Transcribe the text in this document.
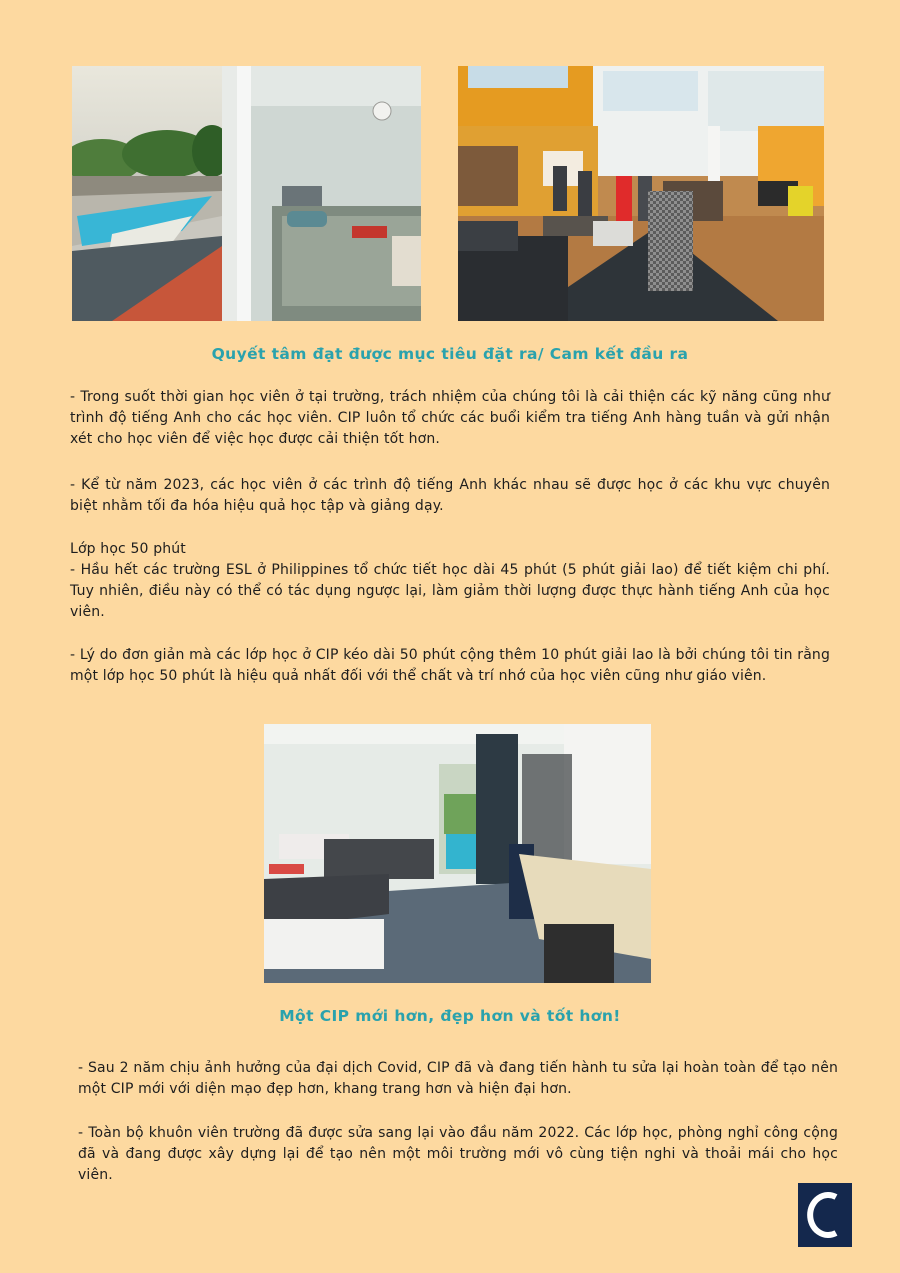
Quyết tâm đạt được mục tiêu đặt ra/ Cam kết đầu ra

- Trong suốt thời gian học viên ở tại trường, trách nhiệm của chúng tôi là cải thiện các kỹ năng cũng như trình độ tiếng Anh cho các học viên. CIP luôn tổ chức các buổi kiểm tra tiếng Anh hàng tuần và gửi nhận xét cho học viên để việc học được cải thiện tốt hơn.

- Kể từ năm 2023, các học viên ở các trình độ tiếng Anh khác nhau sẽ được học ở các khu vực chuyên biệt nhằm tối đa hóa hiệu quả học tập và giảng dạy.

Lớp học 50 phút

- Hầu hết các trường ESL ở Philippines tổ chức tiết học dài 45 phút (5 phút giải lao) để tiết kiệm chi phí. Tuy nhiên, điều này có thể có tác dụng ngược lại, làm giảm thời lượng được thực hành tiếng Anh của học viên.

- Lý do đơn giản mà các lớp học ở CIP kéo dài 50 phút cộng thêm 10 phút giải lao là bởi chúng tôi tin rằng một lớp học 50 phút là hiệu quả nhất đối với thể chất và trí nhớ của học viên cũng như giáo viên.

Một CIP mới hơn, đẹp hơn và tốt hơn!

- Sau 2 năm chịu ảnh hưởng của đại dịch Covid, CIP đã và đang tiến hành tu sửa lại hoàn toàn để tạo nên một CIP mới với diện mạo đẹp hơn, khang trang hơn và hiện đại hơn.

- Toàn bộ khuôn viên trường đã được sửa sang lại vào đầu năm 2022. Các lớp học, phòng nghỉ công cộng đã và đang được xây dựng lại để tạo nên một môi trường mới vô cùng tiện nghi và thoải mái cho học viên.
